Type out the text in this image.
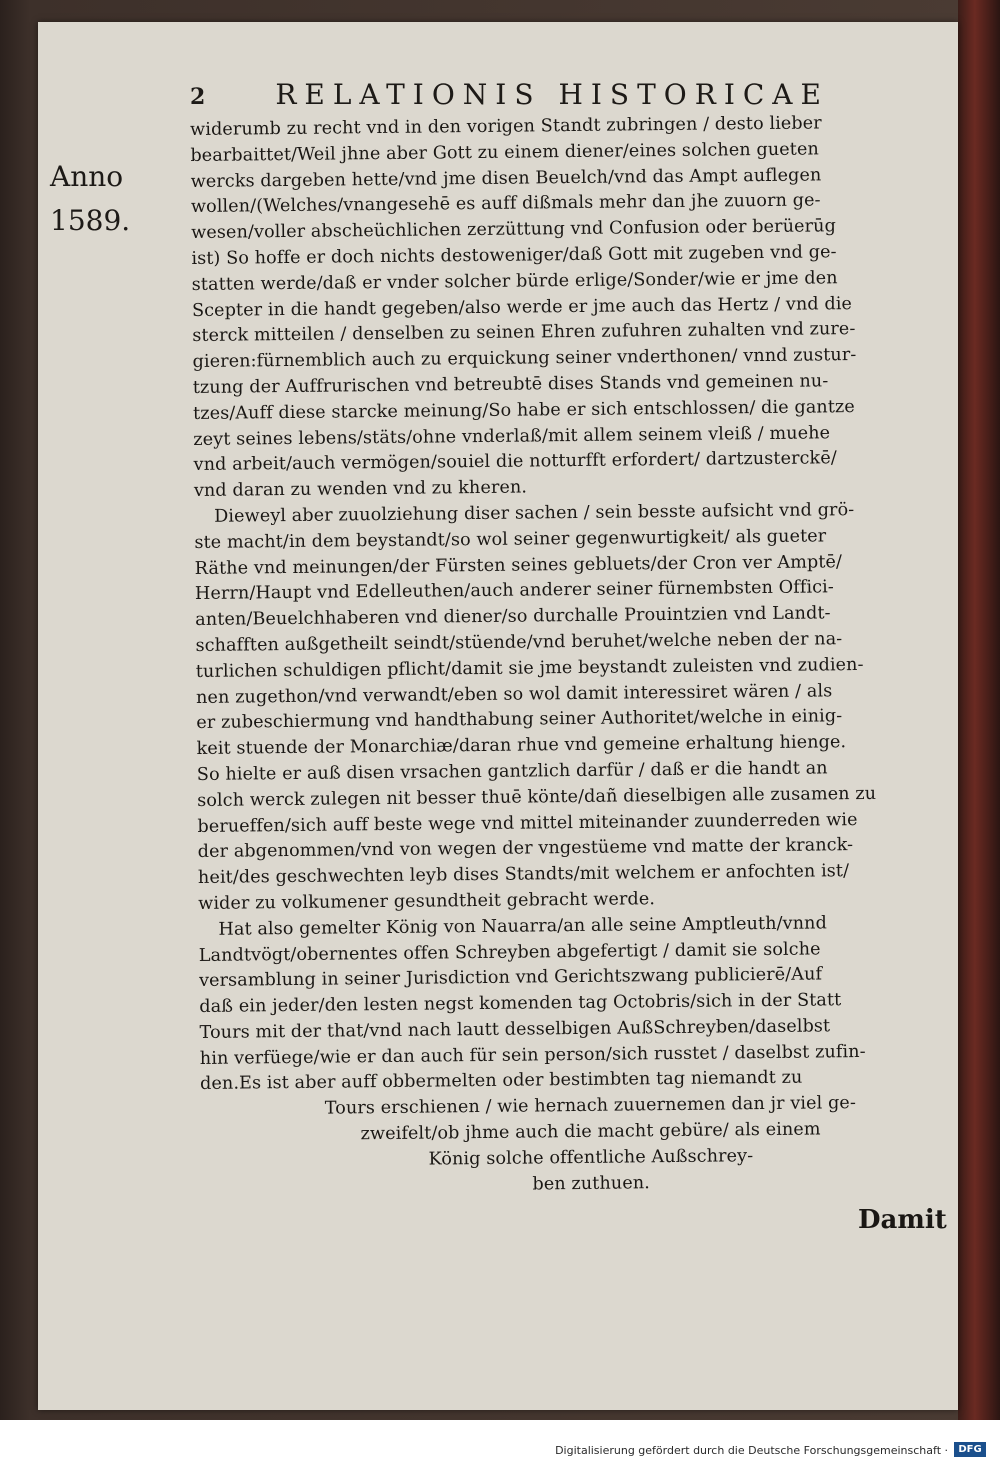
2	RELATIONIS HISTORICAE
Anno
1589.
widerumb zu recht vnd in den vorigen Standt zubringen / desto lieber
bearbaittet/Weil jhne aber Gott zu einem diener/eines solchen gueten
wercks dargeben hette/vnd jme disen Beuelch/vnd das Ampt auflegen
wollen/(Welches/vnangesehē es auff dißmals mehr dan jhe zuuorn ge-
wesen/voller abscheüchlichen zerzüttung vnd Confusion oder berüerūg
ist) So hoffe er doch nichts destoweniger/daß Gott mit zugeben vnd ge-
statten werde/daß er vnder solcher bürde erlige/Sonder/wie er jme den
Scepter in die handt gegeben/also werde er jme auch das Hertz / vnd die
sterck mitteilen / denselben zu seinen Ehren zufuhren zuhalten vnd zure-
gieren:fürnemblich auch zu erquickung seiner vnderthonen/ vnnd zustur-
tzung der Auffrurischen vnd betreubtē dises Stands vnd gemeinen nu-
tzes/Auff diese starcke meinung/So habe er sich entschlossen/ die gantze
zeyt seines lebens/stäts/ohne vnderlaß/mit allem seinem vleiß / muehe
vnd arbeit/auch vermögen/souiel die notturfft erfordert/ dartzusterckē/
vnd daran zu wenden vnd zu kheren.
Dieweyl aber zuuolziehung diser sachen / sein besste aufsicht vnd grö-
ste macht/in dem beystandt/so wol seiner gegenwurtigkeit/ als gueter
Räthe vnd meinungen/der Fürsten seines gebluets/der Cron ver Amptē/
Herrn/Haupt vnd Edelleuthen/auch anderer seiner fürnembsten Offici-
anten/Beuelchhaberen vnd diener/so durchalle Prouintzien vnd Landt-
schafften außgetheilt seindt/stüende/vnd beruhet/welche neben der na-
turlichen schuldigen pflicht/damit sie jme beystandt zuleisten vnd zudien-
nen zugethon/vnd verwandt/eben so wol damit interessiret wären / als
er zubeschiermung vnd handthabung seiner Authoritet/welche in einig-
keit stuende der Monarchiæ/daran rhue vnd gemeine erhaltung hienge.
So hielte er auß disen vrsachen gantzlich darfür / daß er die handt an
solch werck zulegen nit besser thuē könte/dañ dieselbigen alle zusamen zu
berueffen/sich auff beste wege vnd mittel miteinander zuunderreden wie
der abgenommen/vnd von wegen der vngestüeme vnd matte der kranck-
heit/des geschwechten leyb dises Standts/mit welchem er anfochten ist/
wider zu volkumener gesundtheit gebracht werde.
Hat also gemelter König von Nauarra/an alle seine Amptleuth/vnnd
Landtvögt/obernentes offen Schreyben abgefertigt / damit sie solche
versamblung in seiner Jurisdiction vnd Gerichtszwang publicierē/Auf
daß ein jeder/den lesten negst komenden tag Octobris/sich in der Statt
Tours mit der that/vnd nach lautt desselbigen AußSchreyben/daselbst
hin verfüege/wie er dan auch für sein person/sich russtet / daselbst zufin-
den.Es ist aber auff obbermelten oder bestimbten tag niemandt zu
Tours erschienen / wie hernach zuuernemen dan jr viel ge-
zweifelt/ob jhme auch die macht gebüre/ als einem
König solche offentliche Außschrey-
ben zuthuen.
Damit
Digitalisierung gefördert durch die Deutsche Forschungsgemeinschaft ·	DFG
